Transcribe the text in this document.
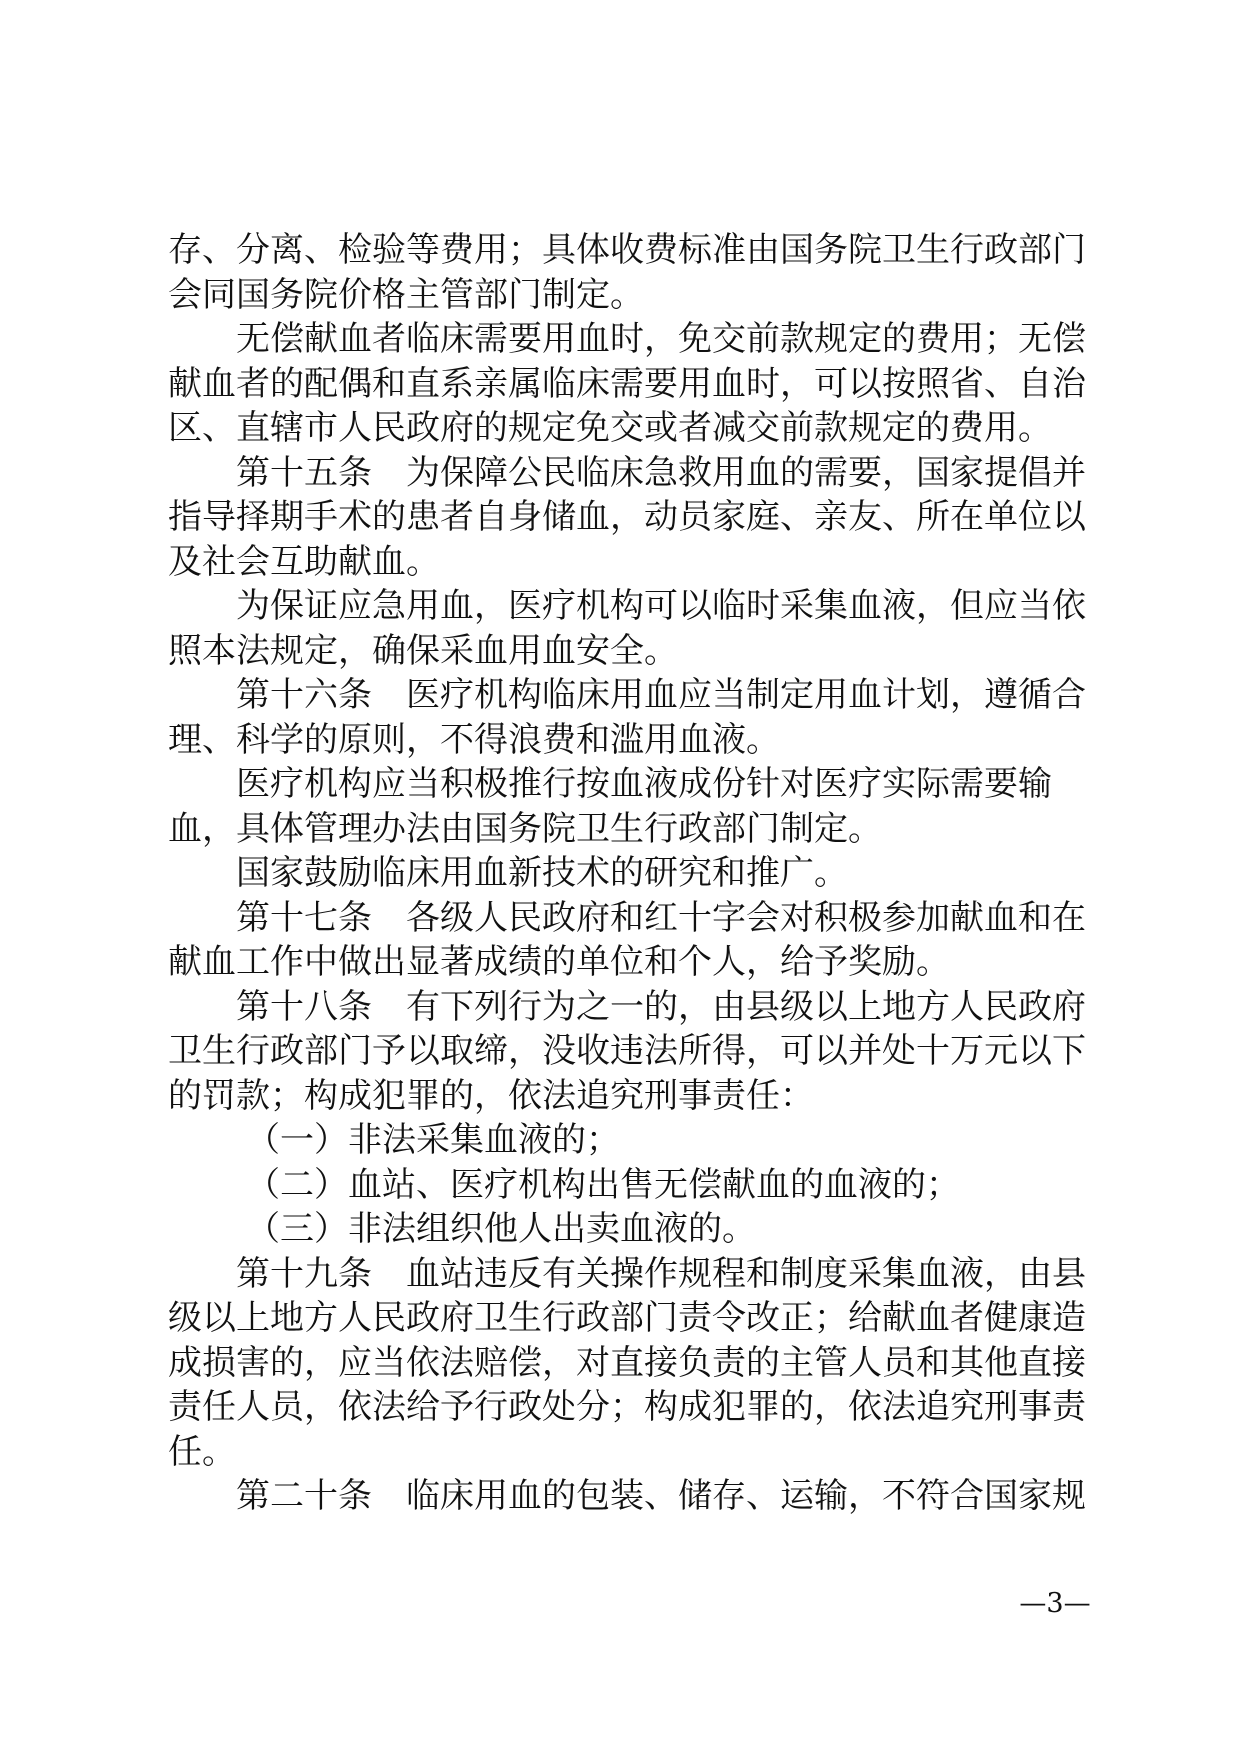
存、分离、检验等费用；具体收费标准由国务院卫生行政部门
会同国务院价格主管部门制定。
无偿献血者临床需要用血时，免交前款规定的费用；无偿
献血者的配偶和直系亲属临床需要用血时，可以按照省、自治
区、直辖市人民政府的规定免交或者减交前款规定的费用。
第十五条 为保障公民临床急救用血的需要，国家提倡并
指导择期手术的患者自身储血，动员家庭、亲友、所在单位以
及社会互助献血。
为保证应急用血，医疗机构可以临时采集血液，但应当依
照本法规定，确保采血用血安全。
第十六条 医疗机构临床用血应当制定用血计划，遵循合
理、科学的原则，不得浪费和滥用血液。
医疗机构应当积极推行按血液成份针对医疗实际需要输
血，具体管理办法由国务院卫生行政部门制定。
国家鼓励临床用血新技术的研究和推广。
第十七条 各级人民政府和红十字会对积极参加献血和在
献血工作中做出显著成绩的单位和个人，给予奖励。
第十八条 有下列行为之一的，由县级以上地方人民政府
卫生行政部门予以取缔，没收违法所得，可以并处十万元以下
的罚款；构成犯罪的，依法追究刑事责任：
（一）非法采集血液的；
（二）血站、医疗机构出售无偿献血的血液的；
（三）非法组织他人出卖血液的。
第十九条 血站违反有关操作规程和制度采集血液，由县
级以上地方人民政府卫生行政部门责令改正；给献血者健康造
成损害的，应当依法赔偿，对直接负责的主管人员和其他直接
责任人员，依法给予行政处分；构成犯罪的，依法追究刑事责
任。
第二十条 临床用血的包装、储存、运输，不符合国家规
—3—
